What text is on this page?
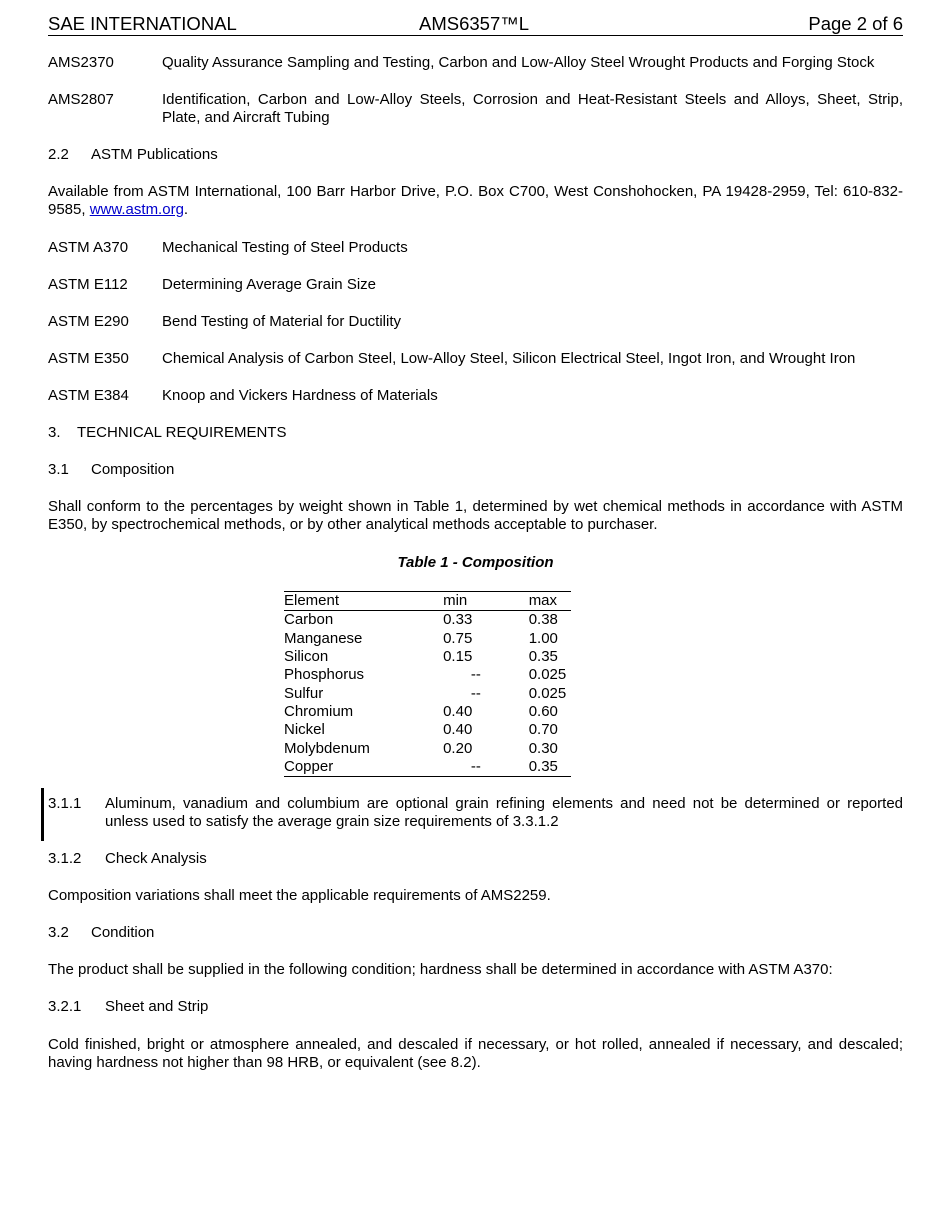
SAE INTERNATIONAL	AMS6357™L	Page 2 of 6
AMS2370	Quality Assurance Sampling and Testing, Carbon and Low-Alloy Steel Wrought Products and Forging Stock
AMS2807	Identification, Carbon and Low-Alloy Steels, Corrosion and Heat-Resistant Steels and Alloys, Sheet, Strip, Plate, and Aircraft Tubing
2.2 ASTM Publications
Available from ASTM International, 100 Barr Harbor Drive, P.O. Box C700, West Conshohocken, PA 19428-2959, Tel: 610-832-9585, www.astm.org.
ASTM A370 Mechanical Testing of Steel Products
ASTM E112 Determining Average Grain Size
ASTM E290 Bend Testing of Material for Ductility
ASTM E350 Chemical Analysis of Carbon Steel, Low-Alloy Steel, Silicon Electrical Steel, Ingot Iron, and Wrought Iron
ASTM E384 Knoop and Vickers Hardness of Materials
3. TECHNICAL REQUIREMENTS
3.1 Composition
Shall conform to the percentages by weight shown in Table 1, determined by wet chemical methods in accordance with ASTM E350, by spectrochemical methods, or by other analytical methods acceptable to purchaser.
Table 1 - Composition
Element	min	max
Carbon	0.33	0.38
Manganese	0.75	1.00
Silicon	0.15	0.35
Phosphorus	--	0.025
Sulfur	--	0.025
Chromium	0.40	0.60
Nickel	0.40	0.70
Molybdenum	0.20	0.30
Copper	--	0.35
3.1.1 Aluminum, vanadium and columbium are optional grain refining elements and need not be determined or reported unless used to satisfy the average grain size requirements of 3.3.1.2
3.1.2 Check Analysis
Composition variations shall meet the applicable requirements of AMS2259.
3.2 Condition
The product shall be supplied in the following condition; hardness shall be determined in accordance with ASTM A370:
3.2.1 Sheet and Strip
Cold finished, bright or atmosphere annealed, and descaled if necessary, or hot rolled, annealed if necessary, and descaled; having hardness not higher than 98 HRB, or equivalent (see 8.2).
